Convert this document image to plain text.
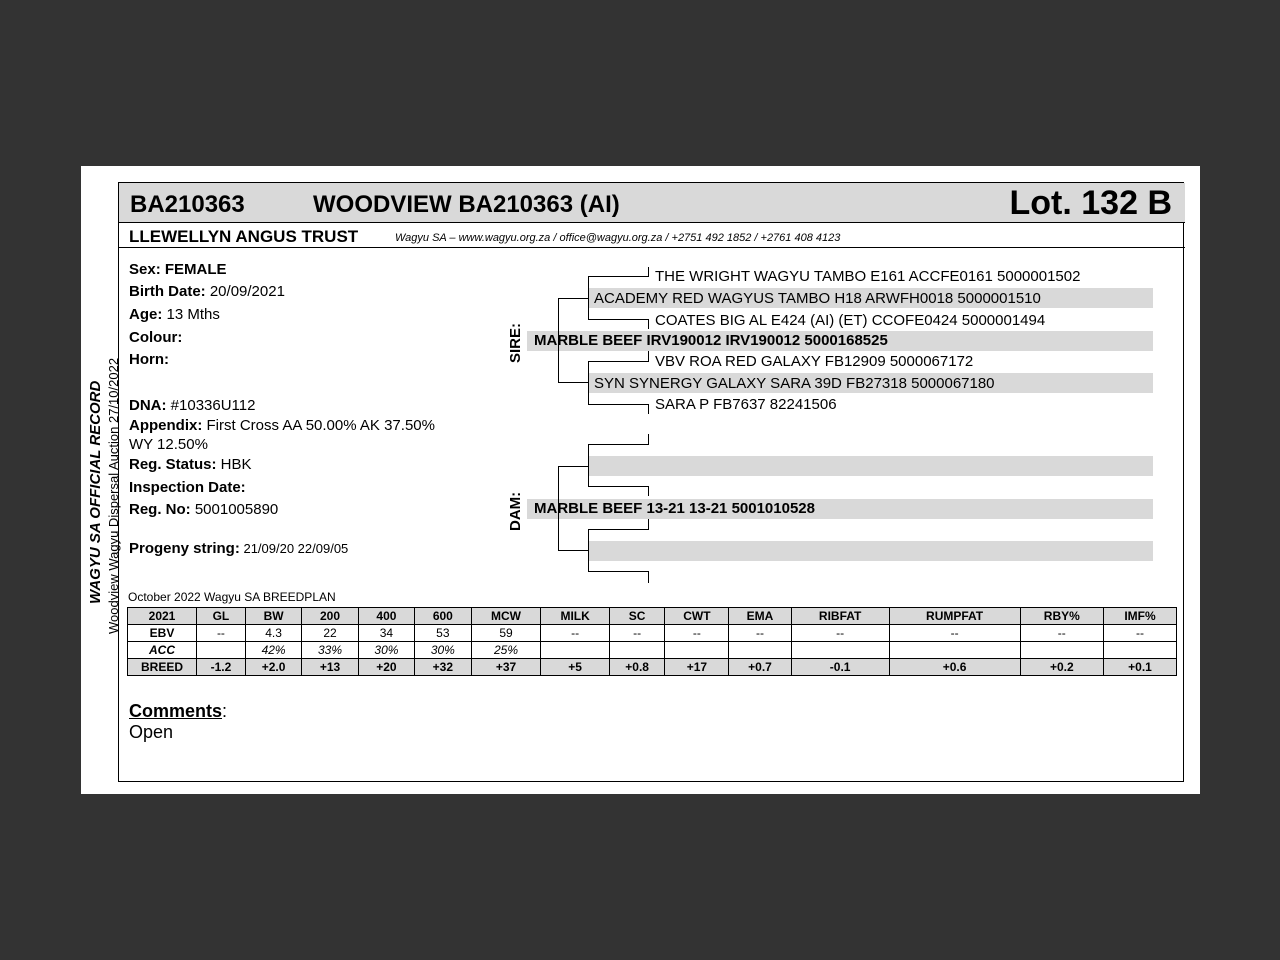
BA210363	WOODVIEW BA210363 (AI)	Lot. 132 B
LLEWELLYN ANGUS TRUST	Wagyu SA – www.wagyu.org.za / office@wagyu.org.za / +2751 492 1852 / +2761 408 4123
WAGYU SA OFFICIAL RECORD Woodview Wagyu Dispersal Auction 27/10/2022
Sex: FEMALE
Birth Date: 20/09/2021
Age: 13 Mths
Colour:
Horn:
DNA: #10336U112
Appendix: First Cross AA 50.00% AK 37.50%
WY 12.50%
Reg. Status: HBK
Inspection Date:
Reg. No: 5001005890
Progeny string: 21/09/20 22/09/05
THE WRIGHT WAGYU TAMBO E161 ACCFE0161 5000001502
ACADEMY RED WAGYUS TAMBO H18 ARWFH0018 5000001510
COATES BIG AL E424 (AI) (ET) CCOFE0424 5000001494
MARBLE BEEF IRV190012 IRV190012 5000168525
VBV ROA RED GALAXY FB12909 5000067172
SYN SYNERGY GALAXY SARA 39D FB27318 5000067180
SARA P FB7637 82241506
MARBLE BEEF 13-21 13-21 5001010528
SIRE:
DAM:
October 2022 Wagyu SA BREEDPLAN
2021	GL	BW	200	400	600	MCW	MILK	SC	CWT	EMA	RIBFAT	RUMPFAT	RBY%	IMF%
EBV	--	4.3	22	34	53	59	--	--	--	--	--	--	--	--
ACC		42%	33%	30%	30%	25%								
BREED	-1.2	+2.0	+13	+20	+32	+37	+5	+0.8	+17	+0.7	-0.1	+0.6	+0.2	+0.1
Comments:
Open
